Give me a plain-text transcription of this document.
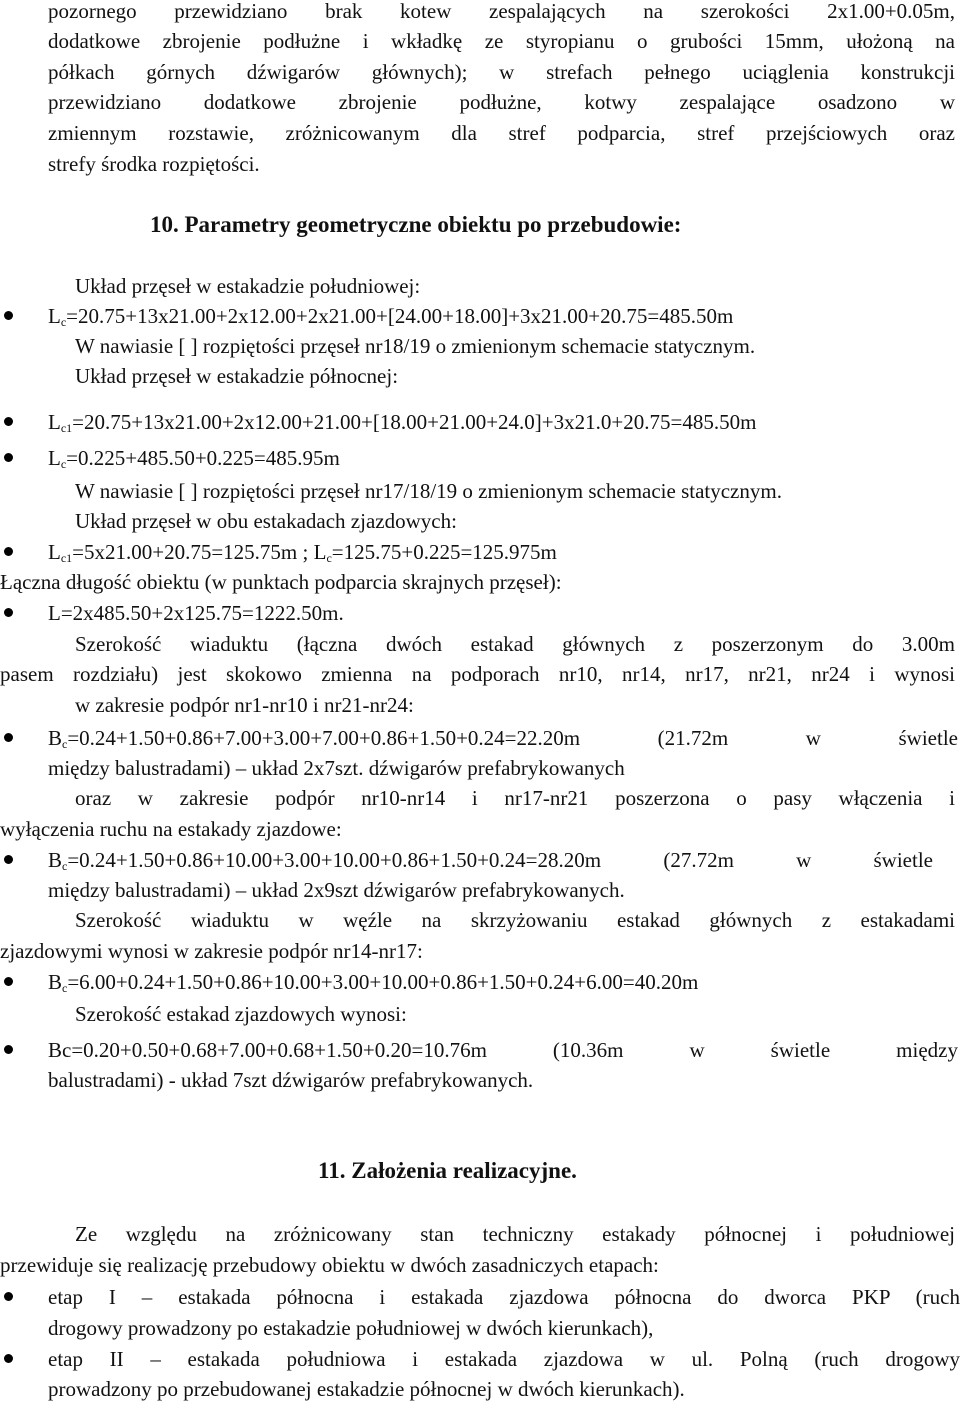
pozornego przewidziano brak kotew zespalających na szerokości 2x1.00+0.05m,
dodatkowe zbrojenie podłużne i wkładkę ze styropianu o grubości 15mm, ułożoną na
półkach górnych dźwigarów głównych); w strefach pełnego uciąglenia konstrukcji
przewidziano dodatkowe zbrojenie podłużne, kotwy zespalające osadzono w
zmiennym rozstawie, zróżnicowanym dla stref podparcia, stref przejściowych oraz
strefy środka rozpiętości.
10. Parametry geometryczne obiektu po przebudowie:
Układ przęseł w estakadzie południowej:
$L_c=20.75+13x21.00+2x12.00+2x21.00+[24.00+18.00]+3x21.00+20.75=485.50m$
W nawiasie [ ] rozpiętości przęseł nr18/19 o zmienionym schemacie statycznym.
Układ przęseł w estakadzie północnej:
$L_{c1}=20.75+13x21.00+2x12.00+21.00+[18.00+21.00+24.0]+3x21.0+20.75=485.50m$
$L_c=0.225+485.50+0.225=485.95m$
W nawiasie [ ] rozpiętości przęseł nr17/18/19 o zmienionym schemacie statycznym.
Układ przęseł w obu estakadach zjazdowych:
$L_{c1}=5x21.00+20.75=125.75m$ ; $L_c=125.75+0.225=125.975m$
Łączna długość obiektu (w punktach podparcia skrajnych przęseł):
L=2x485.50+2x125.75=1222.50m.
Szerokość wiaduktu (łączna dwóch estakad głównych z poszerzonym do 3.00m
pasem rozdziału) jest skokowo zmienna na podporach nr10, nr14, nr17, nr21, nr24 i wynosi
w zakresie podpór nr1-nr10 i nr21-nr24:
$B_c=0.24+1.50+0.86+7.00+3.00+7.00+0.86+1.50+0.24=22.20m$ (21.72m w świetle
między balustradami) – układ 2x7szt. dźwigarów prefabrykowanych
oraz w zakresie podpór nr10-nr14 i nr17-nr21 poszerzona o pasy włączenia i
wyłączenia ruchu na estakady zjazdowe:
$B_c=0.24+1.50+0.86+10.00+3.00+10.00+0.86+1.50+0.24=28.20m$ (27.72m w świetle
między balustradami) – układ 2x9szt dźwigarów prefabrykowanych.
Szerokość wiaduktu w węźle na skrzyżowaniu estakad głównych z estakadami
zjazdowymi wynosi w zakresie podpór nr14-nr17:
$B_c=6.00+0.24+1.50+0.86+10.00+3.00+10.00+0.86+1.50+0.24+6.00=40.20m$
Szerokość estakad zjazdowych wynosi:
Bc=0.20+0.50+0.68+7.00+0.68+1.50+0.20=10.76m (10.36m w świetle między
balustradami) - układ 7szt dźwigarów prefabrykowanych.
11. Założenia realizacyjne.
Ze względu na zróżnicowany stan techniczny estakady północnej i południowej
przewiduje się realizację przebudowy obiektu w dwóch zasadniczych etapach:
etap I – estakada północna i estakada zjazdowa północna do dworca PKP (ruch
drogowy prowadzony po estakadzie południowej w dwóch kierunkach),
etap II – estakada południowa i estakada zjazdowa w ul. Polną (ruch drogowy
prowadzony po przebudowanej estakadzie północnej w dwóch kierunkach).
